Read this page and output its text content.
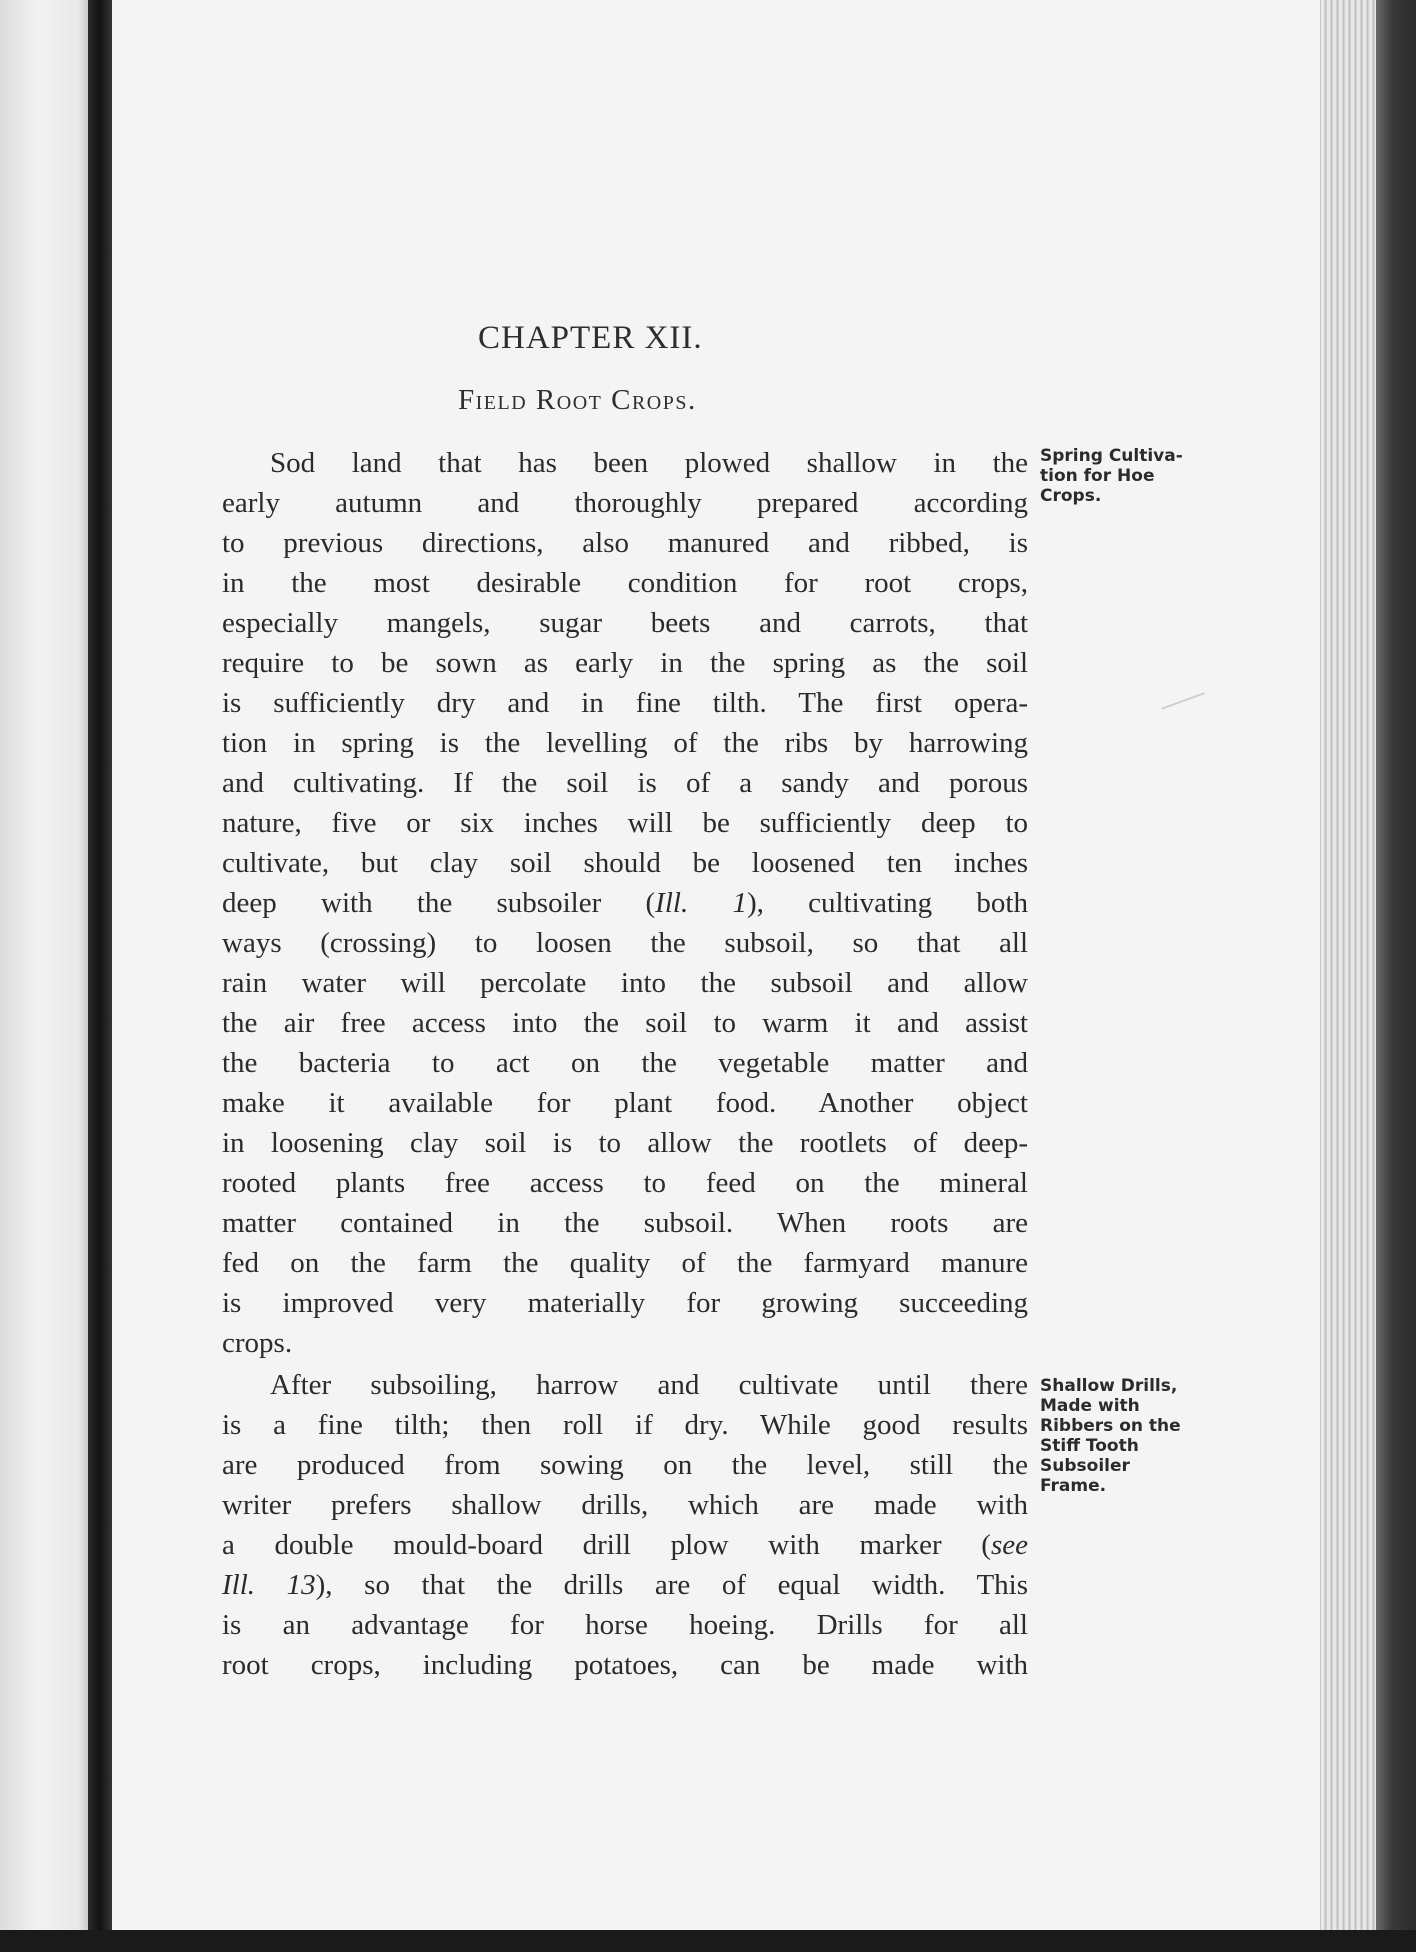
CHAPTER XII.
Field Root Crops.
Spring Cultiva-
tion for Hoe
Crops.
Shallow Drills,
Made with
Ribbers on the
Stiff Tooth
Subsoiler
Frame.
Sod land that has been plowed shallow in the
early autumn and thoroughly prepared according
to previous directions, also manured and ribbed, is
in the most desirable condition for root crops,
especially mangels, sugar beets and carrots, that
require to be sown as early in the spring as the soil
is sufficiently dry and in fine tilth. The first opera-
tion in spring is the levelling of the ribs by harrowing
and cultivating. If the soil is of a sandy and porous
nature, five or six inches will be sufficiently deep to
cultivate, but clay soil should be loosened ten inches
deep with the subsoiler (Ill. 1), cultivating both
ways (crossing) to loosen the subsoil, so that all
rain water will percolate into the subsoil and allow
the air free access into the soil to warm it and assist
the bacteria to act on the vegetable matter and
make it available for plant food. Another object
in loosening clay soil is to allow the rootlets of deep-
rooted plants free access to feed on the mineral
matter contained in the subsoil. When roots are
fed on the farm the quality of the farmyard manure
is improved very materially for growing succeeding
crops.
After subsoiling, harrow and cultivate until there
is a fine tilth; then roll if dry. While good results
are produced from sowing on the level, still the
writer prefers shallow drills, which are made with
a double mould-board drill plow with marker (see
Ill. 13), so that the drills are of equal width. This
is an advantage for horse hoeing. Drills for all
root crops, including potatoes, can be made with
